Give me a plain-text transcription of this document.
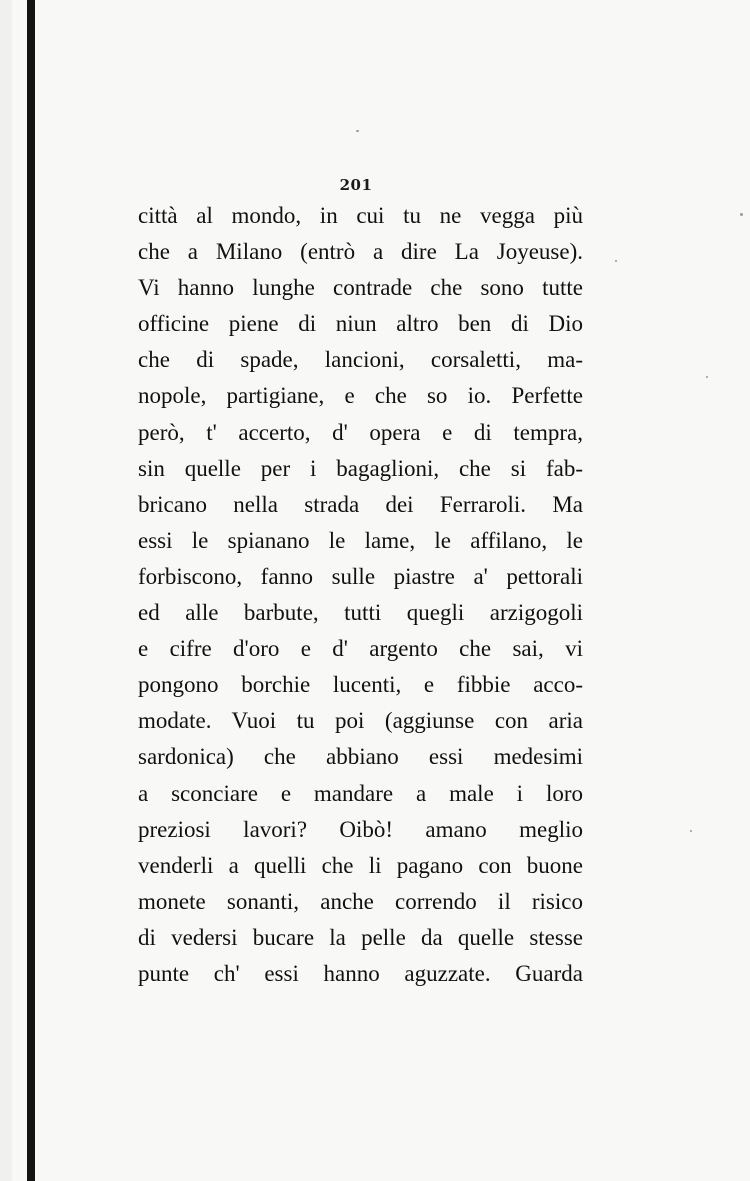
201
città al mondo, in cui tu ne vegga più
che a Milano (entrò a dire La Joyeuse).
Vi hanno lunghe contrade che sono tutte
officine piene di niun altro ben di Dio
che di spade, lancioni, corsaletti, ma-
nopole, partigiane, e che so io. Perfette
però, t' accerto, d' opera e di tempra,
sin quelle per i bagaglioni, che si fab-
bricano nella strada dei Ferraroli. Ma
essi le spianano le lame, le affilano, le
forbiscono, fanno sulle piastre a' pettorali
ed alle barbute, tutti quegli arzigogoli
e cifre d'oro e d' argento che sai, vi
pongono borchie lucenti, e fibbie acco-
modate. Vuoi tu poi (aggiunse con aria
sardonica) che abbiano essi medesimi
a sconciare e mandare a male i loro
preziosi lavori? Oibò! amano meglio
venderli a quelli che li pagano con buone
monete sonanti, anche correndo il risico
di vedersi bucare la pelle da quelle stesse
punte ch' essi hanno aguzzate. Guarda
